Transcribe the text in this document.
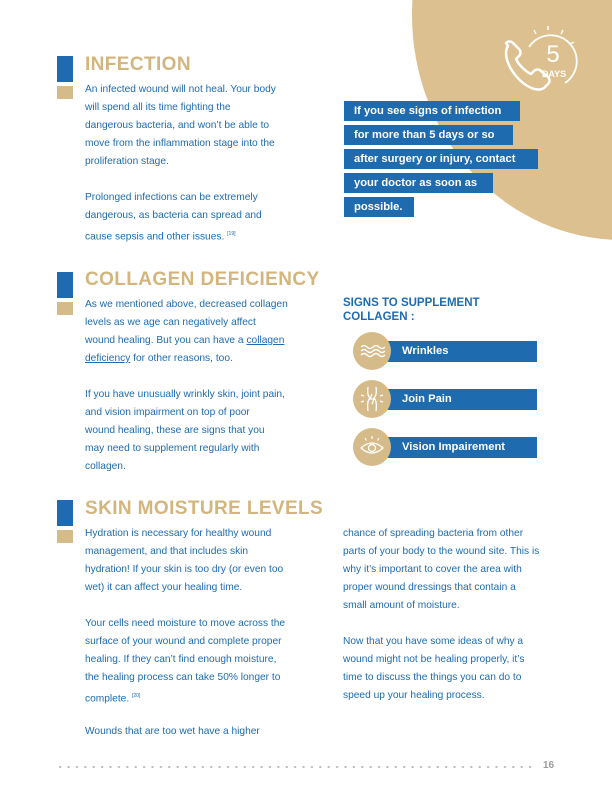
5
DAYS
INFECTION
An infected wound will not heal. Your body
will spend all its time fighting the
dangerous bacteria, and won’t be able to
move from the inflammation stage into the
proliferation stage.
Prolonged infections can be extremely
dangerous, as bacteria can spread and
cause sepsis and other issues. [19]
If you see signs of infection
for more than 5 days or so
after surgery or injury, contact
your doctor as soon as
possible.
COLLAGEN DEFICIENCY
As we mentioned above, decreased collagen
levels as we age can negatively affect
wound healing. But you can have a collagen
deficiency for other reasons, too.
If you have unusually wrinkly skin, joint pain,
and vision impairment on top of poor
wound healing, these are signs that you
may need to supplement regularly with
collagen.
SIGNS TO SUPPLEMENT
COLLAGEN :
Wrinkles
Join Pain
Vision Impairement
SKIN MOISTURE LEVELS
Hydration is necessary for healthy wound
management, and that includes skin
hydration! If your skin is too dry (or even too
wet) it can affect your healing time.
Your cells need moisture to move across the
surface of your wound and complete proper
healing. If they can’t find enough moisture,
the healing process can take 50% longer to
complete. [20]
Wounds that are too wet have a higher
chance of spreading bacteria from other
parts of your body to the wound site. This is
why it’s important to cover the area with
proper wound dressings that contain a
small amount of moisture.
Now that you have some ideas of why a
wound might not be healing properly, it’s
time to discuss the things you can do to
speed up your healing process.
16
